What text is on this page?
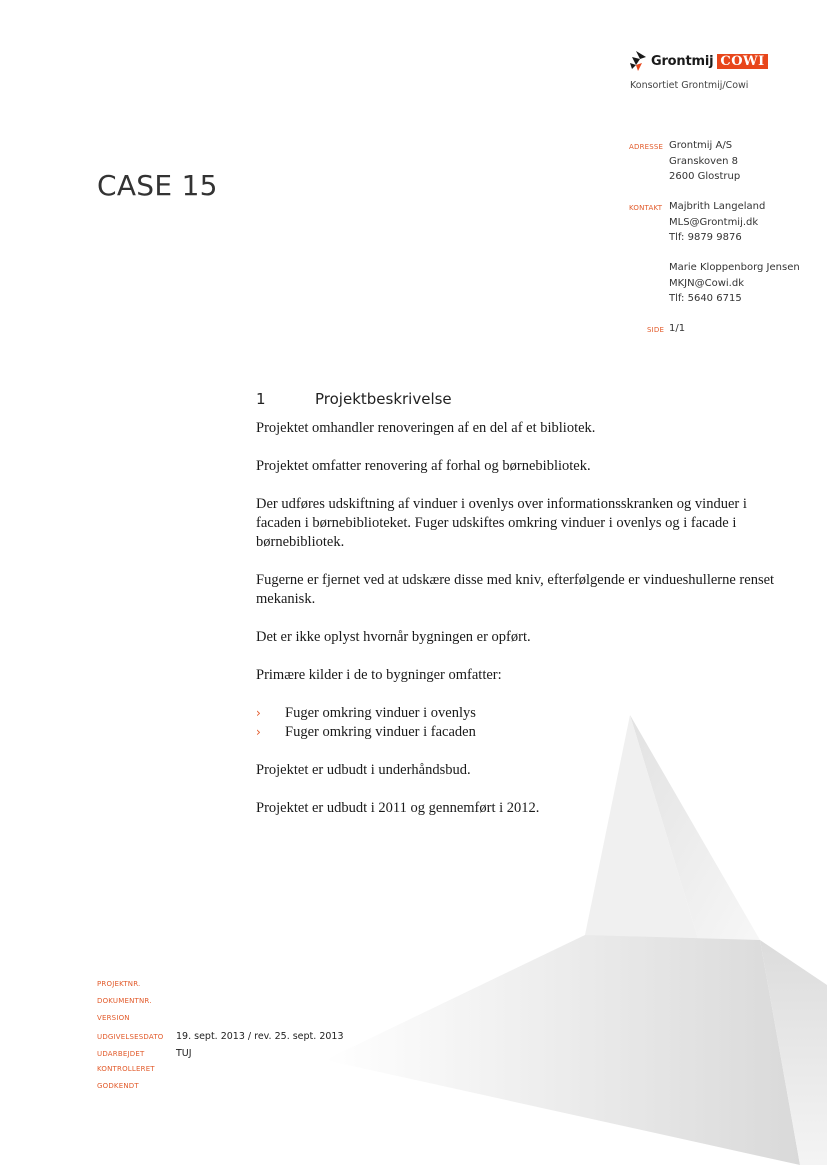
Grontmij COWI
Konsortiet Grontmij/Cowi
CASE 15
ADRESSE Grontmij A/S
Granskoven 8
2600 Glostrup
KONTAKT Majbrith Langeland
MLS@Grontmij.dk
Tlf: 9879 9876
Marie Kloppenborg Jensen
MKJN@Cowi.dk
Tlf: 5640 6715
SIDE 1/1
1	Projektbeskrivelse

Projektet omhandler renoveringen af en del af et bibliotek.

Projektet omfatter renovering af forhal og børnebibliotek.

Der udføres udskiftning af vinduer i ovenlys over informationsskranken og vinduer i facaden i børnebiblioteket. Fuger udskiftes omkring vinduer i ovenlys og i facade i børnebibliotek.

Fugerne er fjernet ved at udskære disse med kniv, efterfølgende er vindueshullerne renset mekanisk.

Det er ikke oplyst hvornår bygningen er opført.

Primære kilder i de to bygninger omfatter:

›	Fuger omkring vinduer i ovenlys
›	Fuger omkring vinduer i facaden

Projektet er udbudt i underhåndsbud.

Projektet er udbudt i 2011 og gennemført i 2012.

PROJEKTNR.
DOKUMENTNR.
VERSION
UDGIVELSESDATO	19. sept. 2013 / rev. 25. sept. 2013
UDARBEJDET	TUJ
KONTROLLERET
GODKENDT
